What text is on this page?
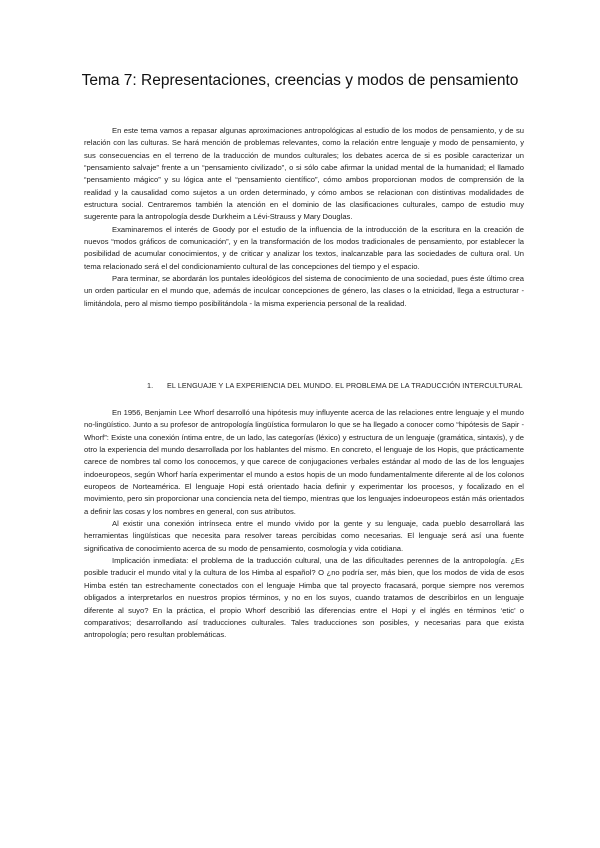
Tema 7: Representaciones, creencias y modos de pensamiento

En este tema vamos a repasar algunas aproximaciones antropológicas al estudio de los modos de pensamiento, y de su relación con las culturas. Se hará mención de problemas relevantes, como la relación entre lenguaje y modo de pensamiento, y sus consecuencias en el terreno de la traducción de mundos culturales; los debates acerca de si es posible caracterizar un “pensamiento salvaje” frente a un “pensamiento civilizado”, o si sólo cabe afirmar la unidad mental de la humanidad; el llamado “pensamiento mágico” y su lógica ante el “pensamiento científico”, cómo ambos proporcionan modos de comprensión de la realidad y la causalidad como sujetos a un orden determinado, y cómo ambos se relacionan con distintivas modalidades de estructura social. Centraremos también la atención en el dominio de las clasificaciones culturales, campo de estudio muy sugerente para la antropología desde Durkheim a Lévi-Strauss y Mary Douglas.

Examinaremos el interés de Goody por el estudio de la influencia de la introducción de la escritura en la creación de nuevos “modos gráficos de comunicación”, y en la transformación de los modos tradicionales de pensamiento, por establecer la posibilidad de acumular conocimientos, y de criticar y analizar los textos, inalcanzable para las sociedades de cultura oral. Un tema relacionado será el del condicionamiento cultural de las concepciones del tiempo y el espacio.

Para terminar, se abordarán los puntales ideológicos del sistema de conocimiento de una sociedad, pues éste último crea un orden particular en el mundo que, además de inculcar concepciones de género, las clases o la etnicidad, llega a estructurar - limitándola, pero al mismo tiempo posibilitándola - la misma experiencia personal de la realidad.

1. EL LENGUAJE Y LA EXPERIENCIA DEL MUNDO. EL PROBLEMA DE LA TRADUCCIÓN INTERCULTURAL

En 1956, Benjamin Lee Whorf desarrolló una hipótesis muy influyente acerca de las relaciones entre lenguaje y el mundo no-lingüístico. Junto a su profesor de antropología lingüística formularon lo que se ha llegado a conocer como “hipótesis de Sapir - Whorf”: Existe una conexión íntima entre, de un lado, las categorías (léxico) y estructura de un lenguaje (gramática, sintaxis), y de otro la experiencia del mundo desarrollada por los hablantes del mismo. En concreto, el lenguaje de los Hopis, que prácticamente carece de nombres tal como los conocemos, y que carece de conjugaciones verbales estándar al modo de las de los lenguajes indoeuropeos, según Whorf haría experimentar el mundo a estos hopis de un modo fundamentalmente diferente al de los colonos europeos de Norteamérica. El lenguaje Hopi está orientado hacia definir y experimentar los procesos, y focalizado en el movimiento, pero sin proporcionar una conciencia neta del tiempo, mientras que los lenguajes indoeuropeos están más orientados a definir las cosas y los nombres en general, con sus atributos.

Al existir una conexión intrínseca entre el mundo vivido por la gente y su lenguaje, cada pueblo desarrollará las herramientas lingüísticas que necesita para resolver tareas percibidas como necesarias. El lenguaje será así una fuente significativa de conocimiento acerca de su modo de pensamiento, cosmología y vida cotidiana.

Implicación inmediata: el problema de la traducción cultural, una de las dificultades perennes de la antropología. ¿Es posible traducir el mundo vital y la cultura de los Himba al español? O ¿no podría ser, más bien, que los modos de vida de esos Himba estén tan estrechamente conectados con el lenguaje Himba que tal proyecto fracasará, porque siempre nos veremos obligados a interpretarlos en nuestros propios términos, y no en los suyos, cuando tratamos de describirlos en un lenguaje diferente al suyo? En la práctica, el propio Whorf describió las diferencias entre el Hopi y el inglés en términos ‘etic’ o comparativos; desarrollando así traducciones culturales. Tales traducciones son posibles, y necesarias para que exista antropología; pero resultan problemáticas.
